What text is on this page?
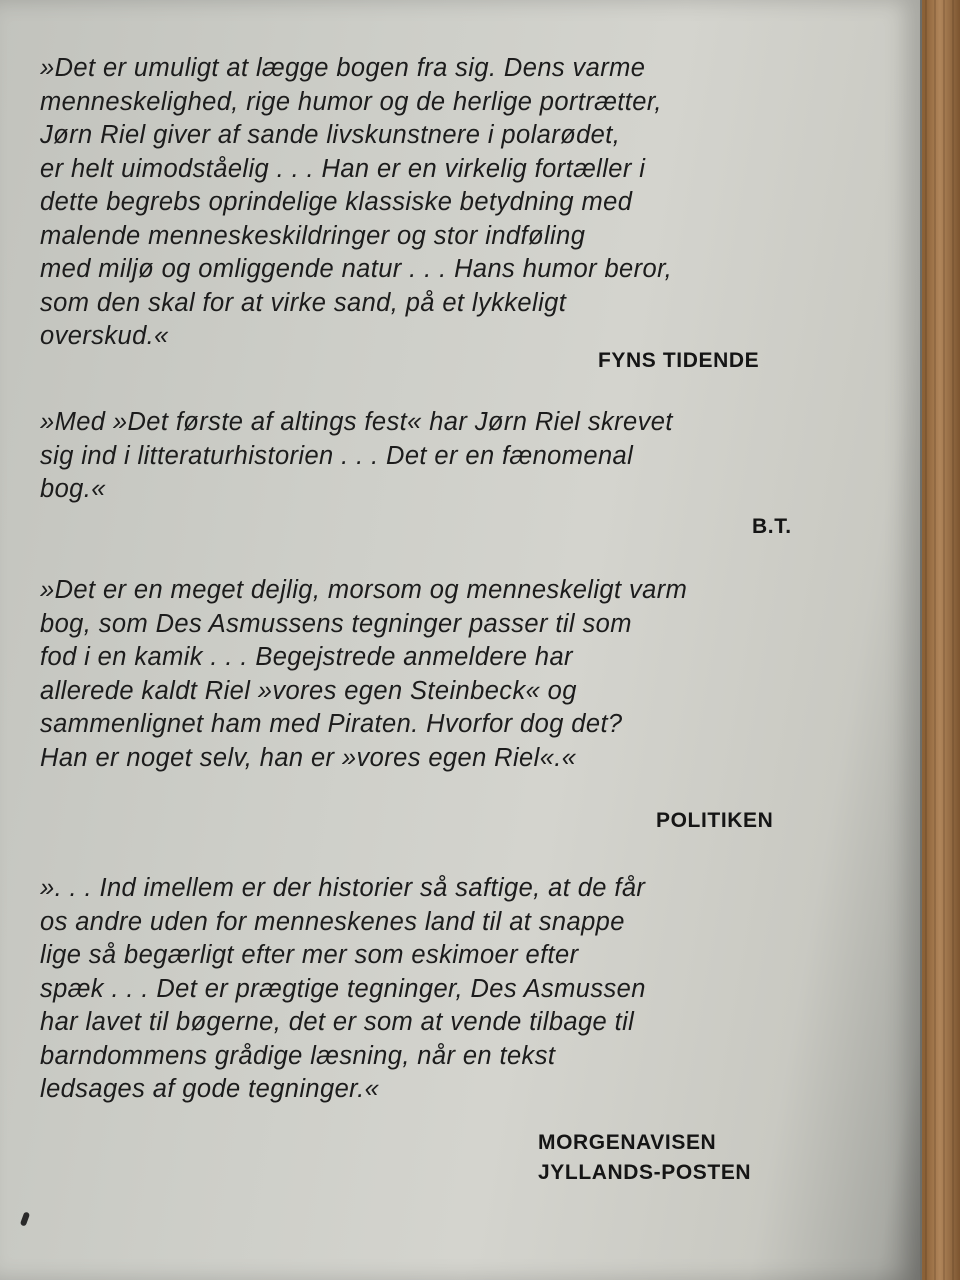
»Det er umuligt at lægge bogen fra sig. Dens varme
menneskelighed, rige humor og de herlige portrætter,
Jørn Riel giver af sande livskunstnere i polarødet,
er helt uimodståelig . . . Han er en virkelig fortæller i
dette begrebs oprindelige klassiske betydning med
malende menneskeskildringer og stor indføling
med miljø og omliggende natur . . . Hans humor beror,
som den skal for at virke sand, på et lykkeligt
overskud.«

FYNS TIDENDE

»Med »Det første af altings fest« har Jørn Riel skrevet
sig ind i litteraturhistorien . . . Det er en fænomenal
bog.«

B.T.

»Det er en meget dejlig, morsom og menneskeligt varm
bog, som Des Asmussens tegninger passer til som
fod i en kamik . . . Begejstrede anmeldere har
allerede kaldt Riel »vores egen Steinbeck« og
sammenlignet ham med Piraten. Hvorfor dog det?
Han er noget selv, han er »vores egen Riel«.«

POLITIKEN

». . . Ind imellem er der historier så saftige, at de får
os andre uden for menneskenes land til at snappe
lige så begærligt efter mer som eskimoer efter
spæk . . . Det er prægtige tegninger, Des Asmussen
har lavet til bøgerne, det er som at vende tilbage til
barndommens grådige læsning, når en tekst
ledsages af gode tegninger.«

MORGENAVISEN
JYLLANDS-POSTEN
